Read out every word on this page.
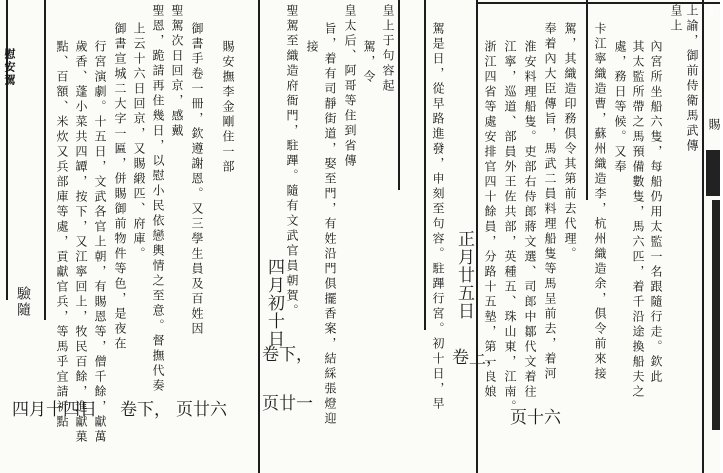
慰安駕
驗隨 點、百額、米炊又兵部庫等處，貢獻官兵，等馬乎宜請祈點 歲香、蓬小菜共四罈，按下，又江寧回上，牧民百餘，進獻菓 行宮演劇。十五日，文武各官上朝，有賜恩等，僧千餘，獻萬 御書宣城二大字一匾，併賜御前物件等色，是夜在 上云十六日回京，又賜緞匹、府庫。 聖恩，跪請再住幾日，以慰小民依戀輿情之至意。督撫代奏 聖駕次日回京，感戴 御書手卷一冊，欽遵謝恩。又三學生員及百姓因 賜安撫李金剛住一部
四月十四日 卷下， 页廿六
聖駕至織造府衙門，駐蹕。隨有文武官員朝賀。 接 旨，着有司靜街道，娶至門，有姓沿門俱擺香案，結綵張燈迎 皇太后、阿哥等住到省傳 駕，令 皇上于句容起	駕是日，從早路進發，申刻至句容。駐蹕行宮。初十日，早
四月初十日
卷下，
页廿一
駐
賜
浙江四省等處安排官四十餘員，分路十五墊，第一良娘 江寧，巡道、部員外王佐共部，英種五、珠山東，江南。 淮安料理船隻。吏部右侍郎蔣文選、司郎中鄒代文着往 奉着內大臣傳旨，馬武二員料理船隻等馬呈前去，着河 駕，其織造印務俱令其第前去代理。 卡江寧織造曹，蘇州織造李，杭州織造余，俱令前來接 處，務日等候。又奉 其太監所帶之馬預備數隻，馬六匹，着千沿途換船夫之 內宮所坐船六隻，每船仍用太監一名跟隨行走。欽此
皇上 上諭，御前侍衛馬武傳
正月廿五日
卷上，
页十六
